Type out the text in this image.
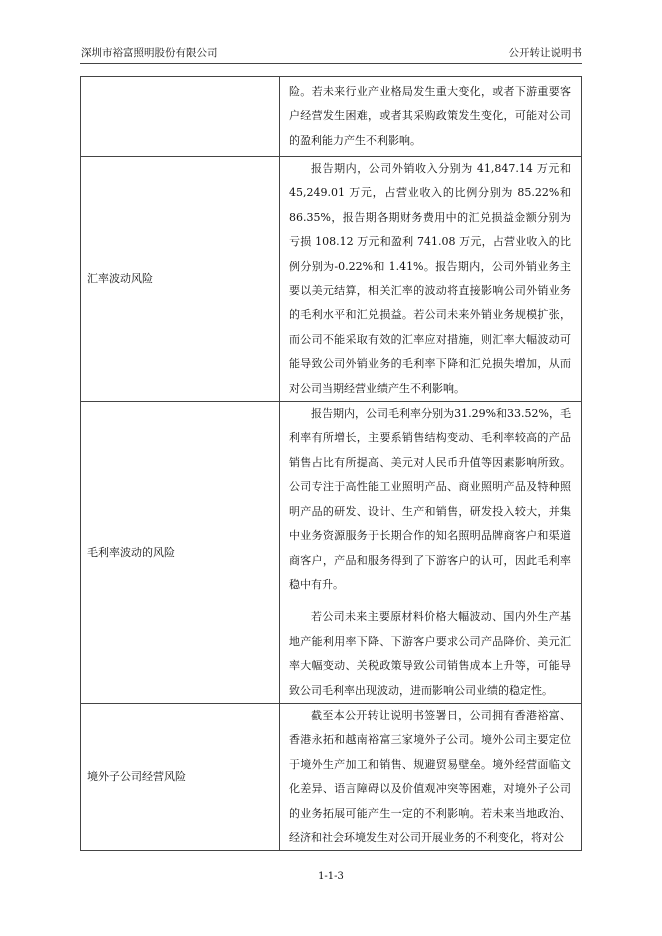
深圳市裕富照明股份有限公司	公开转让说明书

	险。若未来行业产业格局发生重大变化，或者下游重要客户经营发生困难，或者其采购政策发生变化，可能对公司的盈利能力产生不利影响。

汇率波动风险	报告期内，公司外销收入分别为 41,847.14 万元和 45,249.01 万元，占营业收入的比例分别为 85.22%和 86.35%，报告期各期财务费用中的汇兑损益金额分别为亏损 108.12 万元和盈利 741.08 万元，占营业收入的比例分别为-0.22%和 1.41%。报告期内，公司外销业务主要以美元结算，相关汇率的波动将直接影响公司外销业务的毛利水平和汇兑损益。若公司未来外销业务规模扩张，而公司不能采取有效的汇率应对措施，则汇率大幅波动可能导致公司外销业务的毛利率下降和汇兑损失增加，从而对公司当期经营业绩产生不利影响。

毛利率波动的风险	报告期内，公司毛利率分别为31.29%和33.52%，毛利率有所增长，主要系销售结构变动、毛利率较高的产品销售占比有所提高、美元对人民币升值等因素影响所致。公司专注于高性能工业照明产品、商业照明产品及特种照明产品的研发、设计、生产和销售，研发投入较大，并集中业务资源服务于长期合作的知名照明品牌商客户和渠道商客户，产品和服务得到了下游客户的认可，因此毛利率稳中有升。

若公司未来主要原材料价格大幅波动、国内外生产基地产能利用率下降、下游客户要求公司产品降价、美元汇率大幅变动、关税政策导致公司销售成本上升等，可能导致公司毛利率出现波动，进而影响公司业绩的稳定性。

境外子公司经营风险	截至本公开转让说明书签署日，公司拥有香港裕富、香港永拓和越南裕富三家境外子公司。境外公司主要定位于境外生产加工和销售、规避贸易壁垒。境外经营面临文化差异、语言障碍以及价值观冲突等困难，对境外子公司的业务拓展可能产生一定的不利影响。若未来当地政治、经济和社会环境发生对公司开展业务的不利变化，将对公

1-1-3
